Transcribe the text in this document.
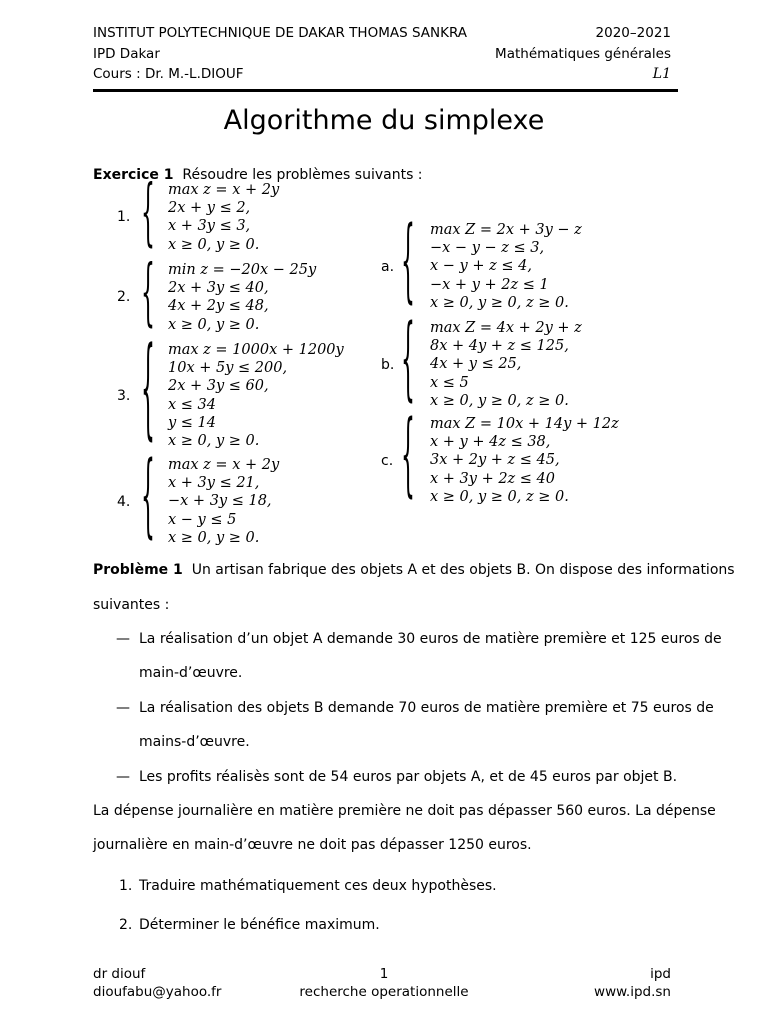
INSTITUT POLYTECHNIQUE DE DAKAR THOMAS SANKRA	2020–2021
IPD Dakar	Mathématiques générales
Cours : Dr. M.-L.DIOUF	L1
Algorithme du simplexe
Exercice 1 Résoudre les problèmes suivants :
1. { max z = x + 2y
2x + y ≤ 2,
x + 3y ≤ 3,
x ≥ 0, y ≥ 0.
2. { min z = −20x − 25y
2x + 3y ≤ 40,
4x + 2y ≤ 48,
x ≥ 0, y ≥ 0.
3. { max z = 1000x + 1200y
10x + 5y ≤ 200,
2x + 3y ≤ 60,
x ≤ 34
y ≤ 14
x ≥ 0, y ≥ 0.
4. { max z = x + 2y
x + 3y ≤ 21,
−x + 3y ≤ 18,
x − y ≤ 5
x ≥ 0, y ≥ 0.
a. { max Z = 2x + 3y − z
−x − y − z ≤ 3,
x − y + z ≤ 4,
−x + y + 2z ≤ 1
x ≥ 0, y ≥ 0, z ≥ 0.
b. { max Z = 4x + 2y + z
8x + 4y + z ≤ 125,
4x + y ≤ 25,
x ≤ 5
x ≥ 0, y ≥ 0, z ≥ 0.
c. { max Z = 10x + 14y + 12z
x + y + 4z ≤ 38,
3x + 2y + z ≤ 45,
x + 3y + 2z ≤ 40
x ≥ 0, y ≥ 0, z ≥ 0.
Problème 1 Un artisan fabrique des objets A et des objets B. On dispose des informations
suivantes :
— La réalisation d’un objet A demande 30 euros de matière première et 125 euros de
main-d’œuvre.
— La réalisation des objets B demande 70 euros de matière première et 75 euros de
mains-d’œuvre.
— Les profits réalisès sont de 54 euros par objets A, et de 45 euros par objet B.
La dépense journalière en matière première ne doit pas dépasser 560 euros. La dépense
journalière en main-d’œuvre ne doit pas dépasser 1250 euros.
1. Traduire mathématiquement ces deux hypothèses.
2. Déterminer le bénéfice maximum.
dr diouf	1	ipd
dioufabu@yahoo.fr	recherche operationnelle	www.ipd.sn
